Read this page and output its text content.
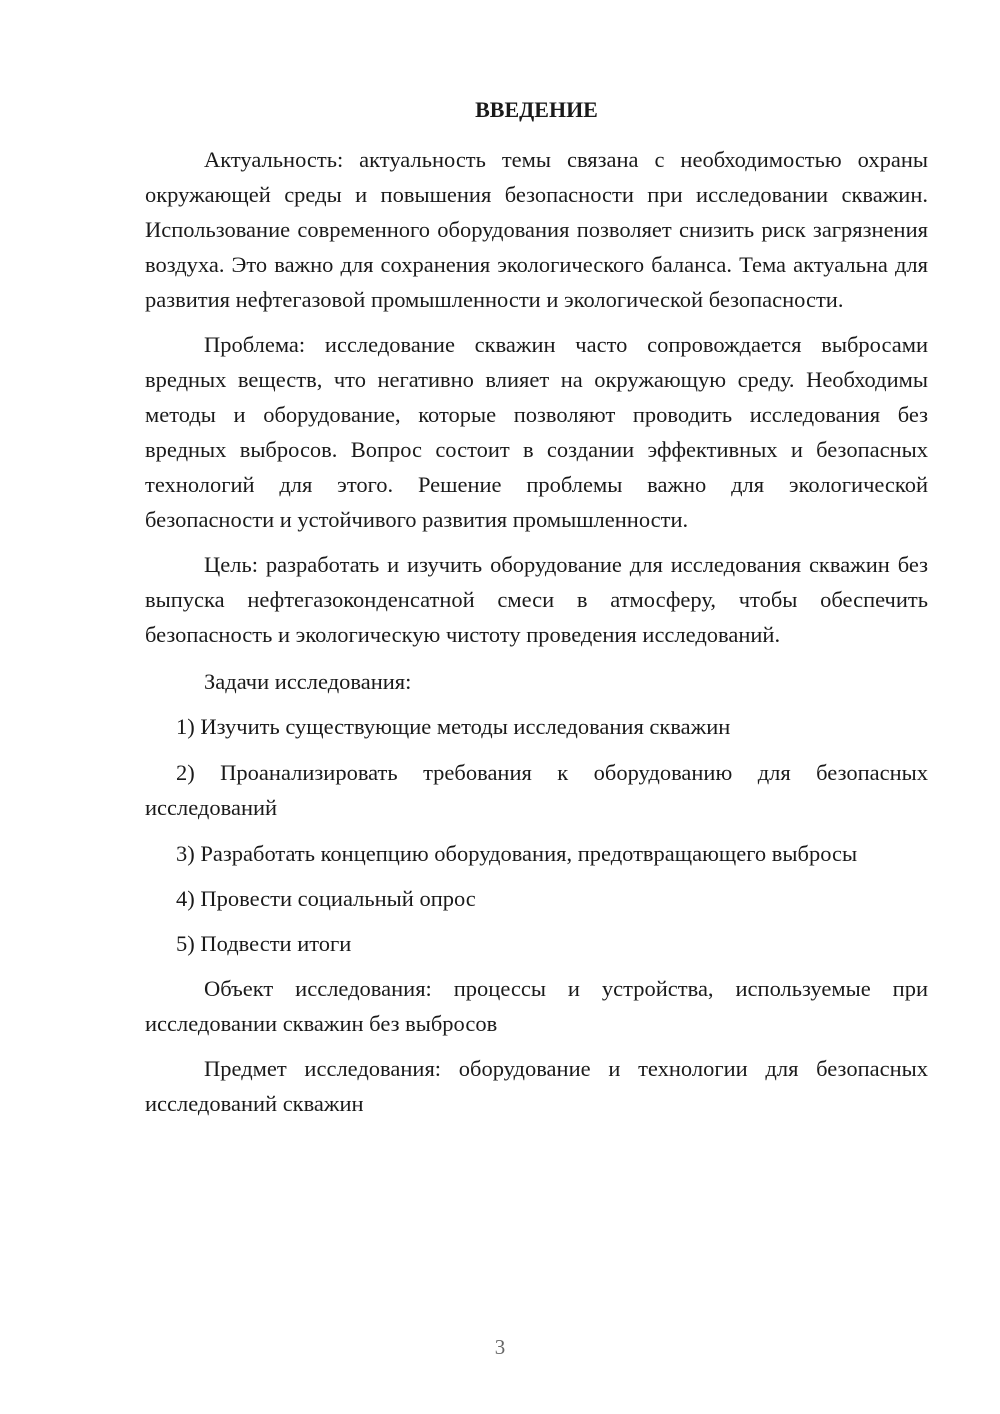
ВВЕДЕНИЕ

Актуальность: актуальность темы связана с необходимостью охраны окружающей среды и повышения безопасности при исследовании скважин. Использование современного оборудования позволяет снизить риск загрязнения воздуха. Это важно для сохранения экологического баланса. Тема актуальна для развития нефтегазовой промышленности и экологической безопасности.

Проблема: исследование скважин часто сопровождается выбросами вредных веществ, что негативно влияет на окружающую среду. Необходимы методы и оборудование, которые позволяют проводить исследования без вредных выбросов. Вопрос состоит в создании эффективных и безопасных технологий для этого. Решение проблемы важно для экологической безопасности и устойчивого развития промышленности.

Цель: разработать и изучить оборудование для исследования скважин без выпуска нефтегазоконденсатной смеси в атмосферу, чтобы обеспечить безопасность и экологическую чистоту проведения исследований.

Задачи исследования:

1) Изучить существующие методы исследования скважин

2) Проанализировать требования к оборудованию для безопасных исследований

3) Разработать концепцию оборудования, предотвращающего выбросы

4) Провести социальный опрос

5) Подвести итоги

Объект исследования: процессы и устройства, используемые при исследовании скважин без выбросов

Предмет исследования: оборудование и технологии для безопасных исследований скважин

3
